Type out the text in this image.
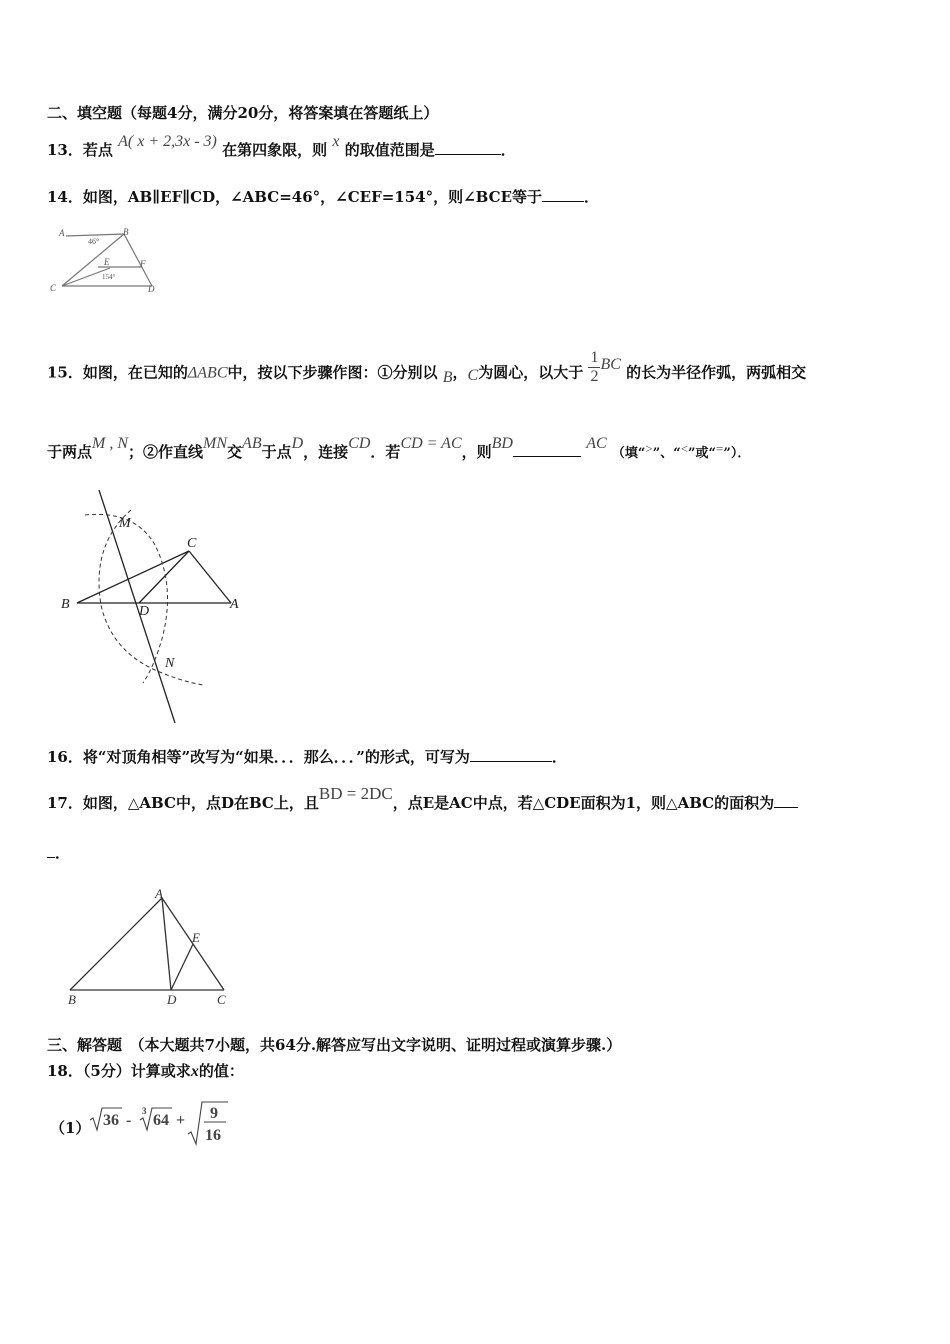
二、填空题（每题4分，满分20分，将答案填在答题纸上）
13．若点 A( x + 2,3x - 3) 在第四象限，则 x 的取值范围是	．
14．如图，AB∥EF∥CD，∠ABC=46°，∠CEF=154°，则∠BCE等于	．
A	B
C	D
E	F
46°
154°
15．如图，在已知的ΔABC中，按以下步骤作图：①分别以 B，C为圆心，以大于 $\frac{1}{2}$ BC 的长为半径作弧，两弧相交
于两点M , N；②作直线MN交AB于点D，连接CD．若CD = AC，则BD	AC （填“>”、“<”或“=”）．
M
C
B	D	A
N
16．将“对顶角相等”改写为“如果．．．那么．．．”的形式，可写为	．
17．如图，△ABC中，点D在BC上，且BD = 2DC，点E是AC中点，若△CDE面积为1，则△ABC的面积为
．
A
E
B	D	C
三、解答题　（本大题共7小题，共64分.解答应写出文字说明、证明过程或演算步骤.）
18．（5分）计算或求x的值：
（1） 36 -
3
64 + 9
16
